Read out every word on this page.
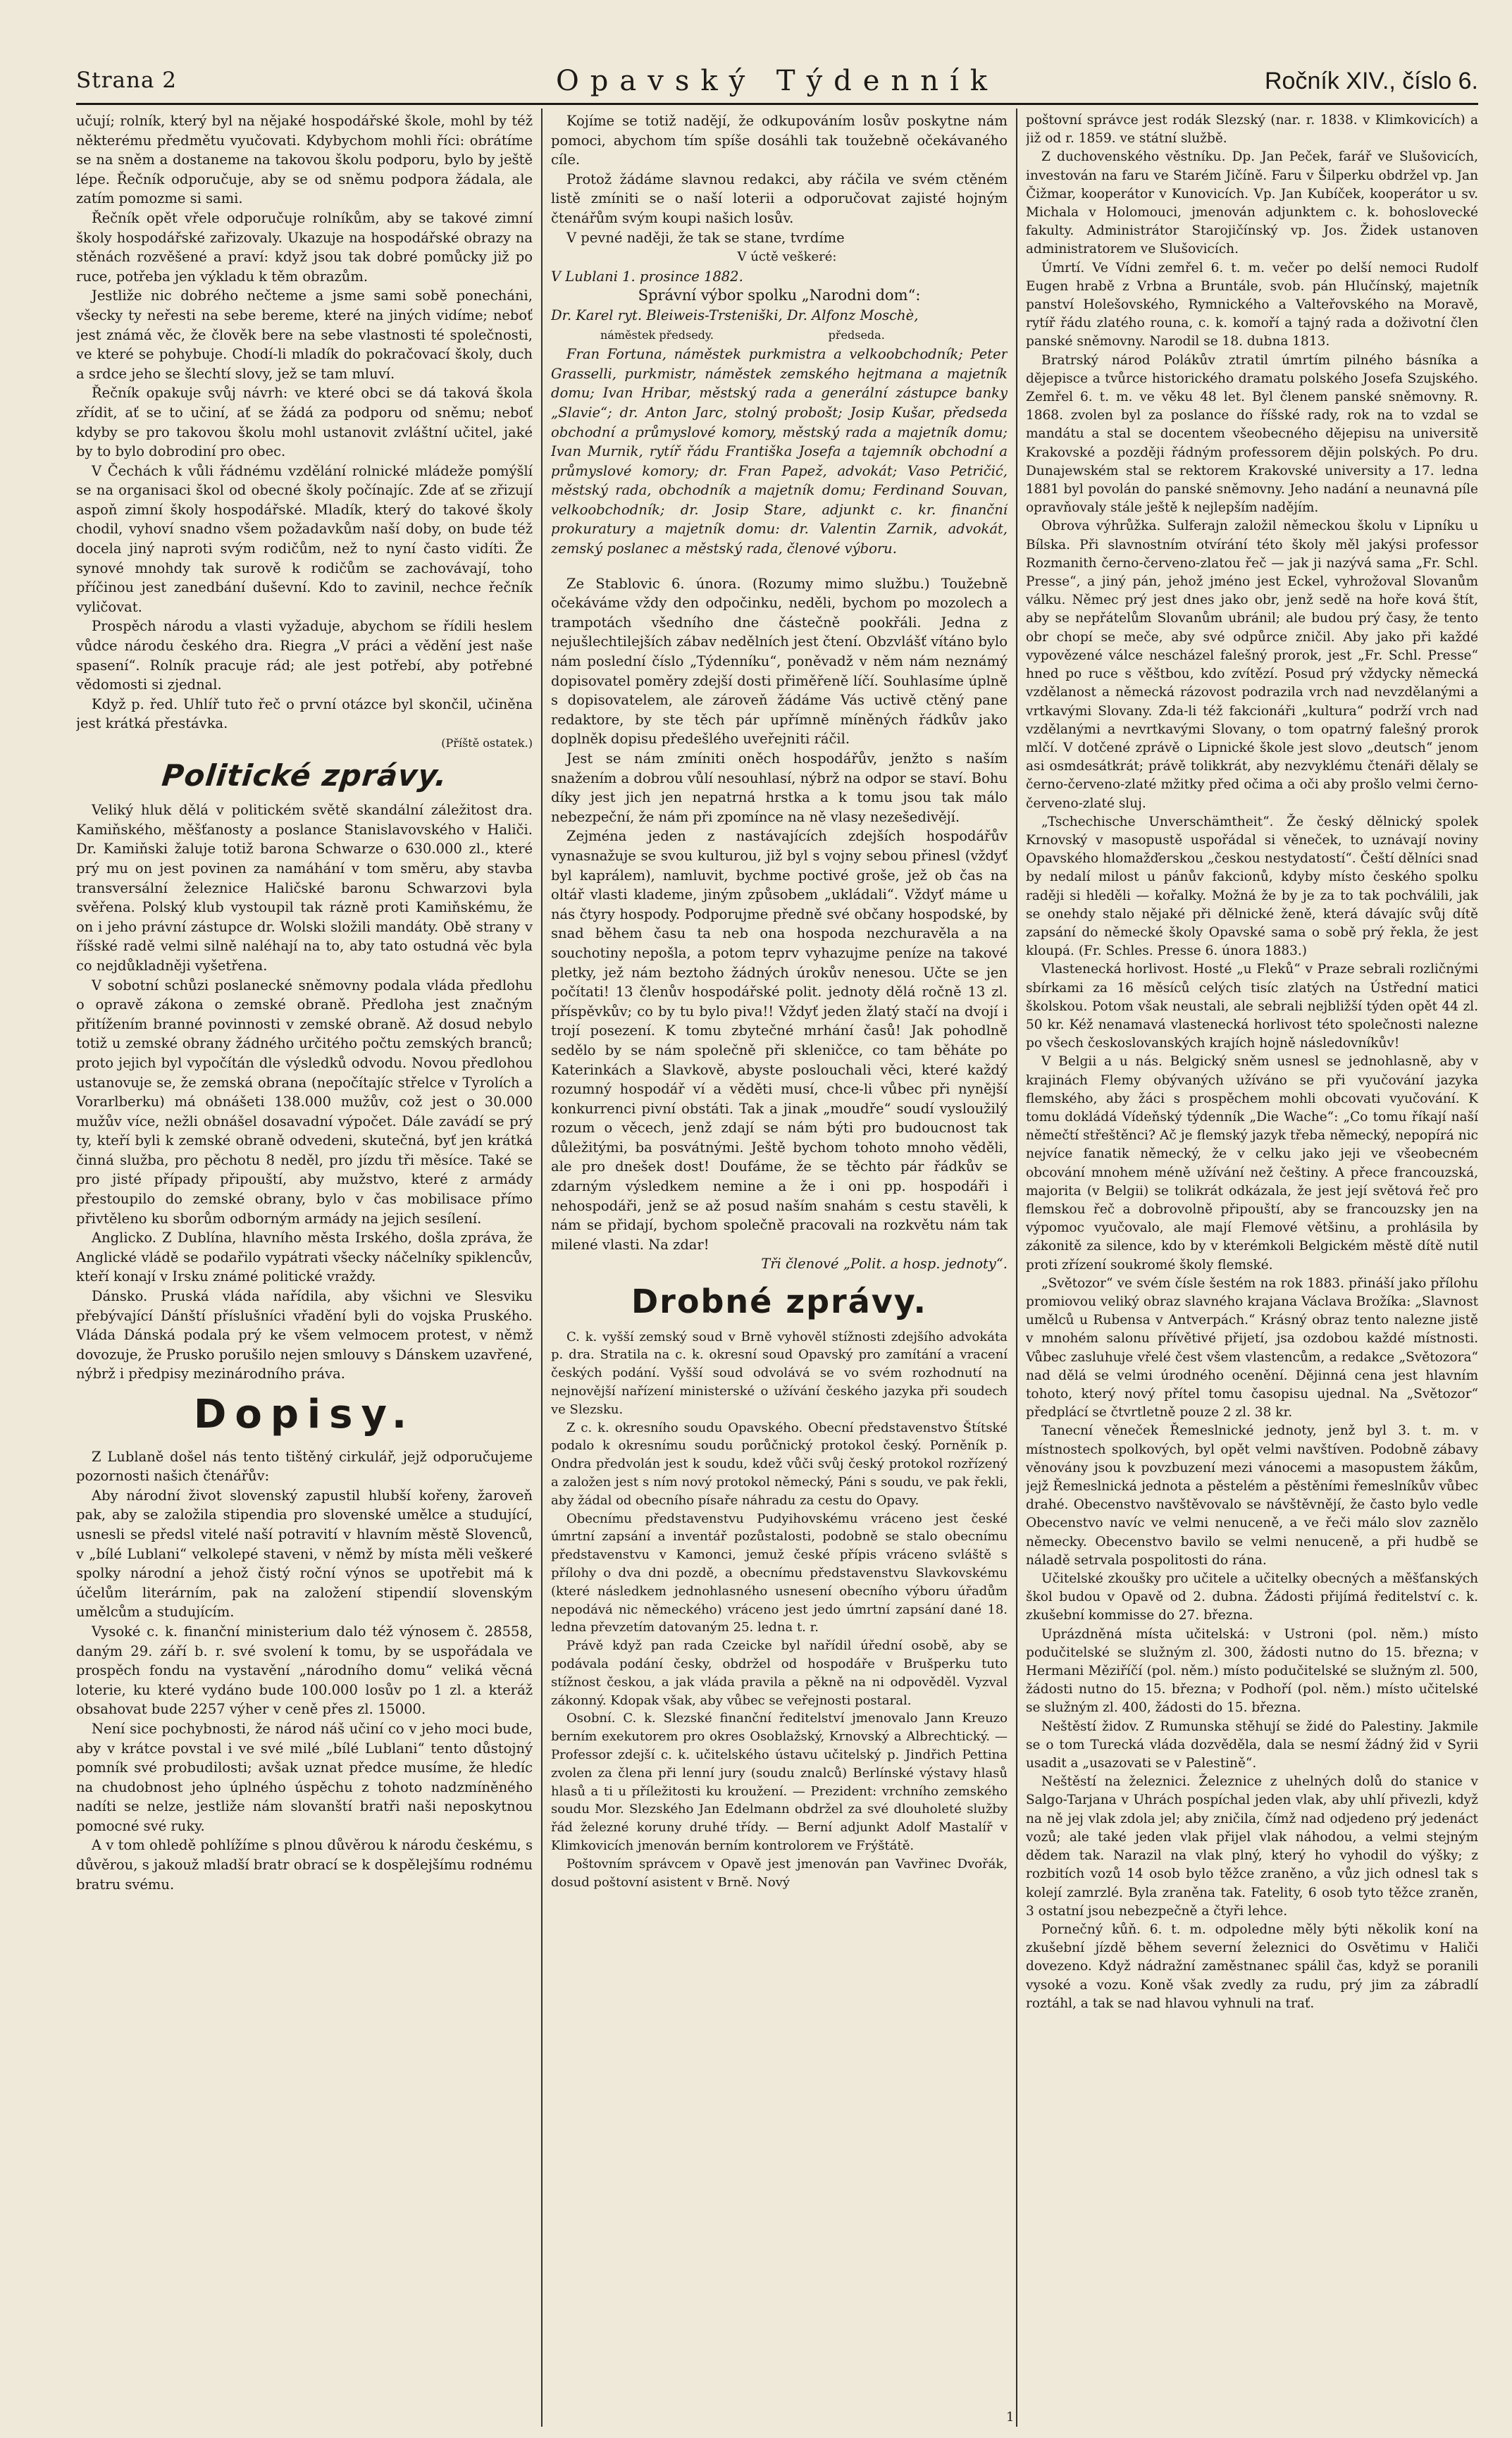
Strana 2	Opavský Týdenník	Ročník XIV., číslo 6.

učují; rolník, který byl na nějaké hospodářské škole, mohl by též některému předmětu vyučovati. Kdybychom mohli říci: obrátíme se na sněm a dostaneme na takovou školu podporu, bylo by ještě lépe. Řečník odporučuje, aby se od sněmu podpora žádala, ale zatím pomozme si sami.

Řečník opět vřele odporučuje rolníkům, aby se takové zimní školy hospodářské zařizovaly. Ukazuje na hospodářské obrazy na stěnách rozvěšené a praví: když jsou tak dobré pomůcky již po ruce, potřeba jen výkladu k těm obrazům.

Jestliže nic dobrého nečteme a jsme sami sobě ponecháni, všecky ty neřesti na sebe bereme, které na jiných vidíme; neboť jest známá věc, že člověk bere na sebe vlastnosti té společnosti, ve které se pohybuje. Chodí-li mladík do pokračovací školy, duch a srdce jeho se šlechtí slovy, jež se tam mluví.

Řečník opakuje svůj návrh: ve které obci se dá taková škola zřídit, ať se to učiní, ať se žádá za podporu od sněmu; neboť kdyby se pro takovou školu mohl ustanovit zvláštní učitel, jaké by to bylo dobrodiní pro obec.

V Čechách k vůli řádnému vzdělání rolnické mládeže pomýšlí se na organisaci škol od obecné školy počínajíc. Zde ať se zřizují aspoň zimní školy hospodářské. Mladík, který do takové školy chodil, vyhoví snadno všem požadavkům naší doby, on bude též docela jiný naproti svým rodičům, než to nyní často vidíti. Že synové mnohdy tak surově k rodičům se zachovávají, toho příčinou jest zanedbání duševní. Kdo to zavinil, nechce řečník vyličovat.

Prospěch národu a vlasti vyžaduje, abychom se řídili heslem vůdce národu českého dra. Riegra „V práci a vědění jest naše spasení“. Rolník pracuje rád; ale jest potřebí, aby potřebné vědomosti si zjednal.

Když p. řed. Uhlíř tuto řeč o první otázce byl skončil, učiněna jest krátká přestávka.

(Příště ostatek.)

Politické zprávy.

Veliký hluk dělá v politickém světě skandální záležitost dra. Kamiňského, měšťanosty a poslance Stanislavovského v Haliči. Dr. Kamiňski žaluje totiž barona Schwarze o 630.000 zl., které prý mu on jest povinen za namáhání v tom směru, aby stavba transversální železnice Haličské baronu Schwarzovi byla svěřena. Polský klub vystoupil tak rázně proti Kamiňskému, že on i jeho právní zástupce dr. Wolski složili mandáty. Obě strany v říšské radě velmi silně naléhají na to, aby tato ostudná věc byla co nejdůkladněji vyšetřena.

V sobotní schůzi poslanecké sněmovny podala vláda předlohu o opravě zákona o zemské obraně. Předloha jest značným přitížením branné povinnosti v zemské obraně. Až dosud nebylo totiž u zemské obrany žádného určitého počtu zemských branců; proto jejich byl vypočítán dle výsledků odvodu. Novou předlohou ustanovuje se, že zemská obrana (nepočítajíc střelce v Tyrolích a Vorarlberku) má obnášeti 138.000 mužův, což jest o 30.000 mužův více, nežli obnášel dosavadní výpočet. Dále zavádí se prý ty, kteří byli k zemské obraně odvedeni, skutečná, byť jen krátká činná služba, pro pěchotu 8 neděl, pro jízdu tři měsíce. Také se pro jisté případy připouští, aby mužstvo, které z armády přestoupilo do zemské obrany, bylo v čas mobilisace přímo přivtěleno ku sborům odborným armády na jejich sesílení.

Anglicko. Z Dublína, hlavního města Irského, došla zpráva, že Anglické vládě se podařilo vypátrati všecky náčelníky spiklencův, kteří konají v Irsku známé politické vraždy.

Dánsko. Pruská vláda nařídila, aby všichni ve Slesviku přebývající Dánští příslušníci vřadění byli do vojska Pruského. Vláda Dánská podala prý ke všem velmocem protest, v němž dovozuje, že Prusko porušilo nejen smlouvy s Dánskem uzavřené, nýbrž i předpisy mezinárodního práva.

Dopisy.

Z Lublaně došel nás tento tištěný cirkulář, jejž odporučujeme pozornosti našich čtenářův:

Aby národní život slovenský zapustil hlubší kořeny, žaroveň pak, aby se založila stipendia pro slovenské umělce a studující, usnesli se předsl vitelé naší potravití v hlavním městě Slovenců, v „bílé Lublani“ velkolepé staveni, v němž by místa měli veškeré spolky národní a jehož čistý roční výnos se upotřebit má k účelům literárním, pak na založení stipendií slovenským umělcům a studujícím.

Vysoké c. k. finanční ministerium dalo též výnosem č. 28558, daným 29. září b. r. své svolení k tomu, by se uspořádala ve prospěch fondu na vystavění „národního domu“ veliká věcná loterie, ku které vydáno bude 100.000 losův po 1 zl. a kteráž obsahovat bude 2257 výher v ceně přes zl. 15000.

Není sice pochybnosti, že národ náš učiní co v jeho moci bude, aby v krátce povstal i ve své milé „bílé Lublani“ tento důstojný pomník své probudilosti; avšak uznat předce musíme, že hledíc na chudobnost jeho úplného úspěchu z tohoto nadzmíněného nadíti se nelze, jestliže nám slovanští bratři naši neposkytnou pomocné své ruky.

A v tom ohledě pohlížíme s plnou důvěrou k národu českému, s důvěrou, s jakouž mladší bratr obrací se k dospělejšímu rodnému bratru svému.

Kojíme se totiž nadějí, že odkupováním losův poskytne nám pomoci, abychom tím spíše dosáhli tak toužebně očekávaného cíle.

Protož žádáme slavnou redakci, aby ráčila ve svém ctěném listě zmíniti se o naší loterii a odporučovat zajisté hojným čtenářům svým koupi našich losův.

V pevné naději, že tak se stane, tvrdíme

V úctě veškeré:

V Lublani 1. prosince 1882.

Správní výbor spolku „Narodni dom“:

Dr. Karel ryt. Bleiweis-Trsteniški, Dr. Alfonz Moschè,

náměstek předsedy.                                předseda.

Fran Fortuna, náměstek purkmistra a velkoobchodník; Peter Grasselli, purkmistr, náměstek zemského hejtmana a majetník domu; Ivan Hribar, městský rada a generální zástupce banky „Slavie“; dr. Anton Jarc, stolný probošt; Josip Kušar, předseda obchodní a průmyslové komory, městský rada a majetník domu; Ivan Murnik, rytíř řádu Františka Josefa a tajemník obchodní a průmyslové komory; dr. Fran Papež, advokát; Vaso Petričić, městský rada, obchodník a majetník domu; Ferdinand Souvan, velkoobchodník; dr. Josip Stare, adjunkt c. kr. finanční prokuratury a majetník domu: dr. Valentin Zarnik, advokát, zemský poslanec a městský rada, členové výboru.

Ze Stablovic 6. února. (Rozumy mimo službu.) Toužebně očekáváme vždy den odpočinku, neděli, bychom po mozolech a trampotách všedního dne částečně pookřáli. Jedna z nejušlechtilejších zábav nedělních jest čtení. Obzvlášť vítáno bylo nám poslední číslo „Týdenníku“, poněvadž v něm nám neznámý dopisovatel poměry zdejší dosti přiměřeně líčí. Souhlasíme úplně s dopisovatelem, ale zároveň žádáme Vás uctivě ctěný pane redaktore, by ste těch pár upřímně míněných řádkův jako doplněk dopisu předešlého uveřejniti ráčil.

Jest se nám zmíniti oněch hospodářův, jenžto s naším snažením a dobrou vůlí nesouhlasí, nýbrž na odpor se staví. Bohu díky jest jich jen nepatrná hrstka a k tomu jsou tak málo nebezpeční, že nám při zpomínce na ně vlasy nezešedivějí.

Zejména jeden z nastávajících zdejších hospodářův vynasnažuje se svou kulturou, již byl s vojny sebou přinesl (vždyť byl kaprálem), namluvit, bychme poctivé groše, jež ob čas na oltář vlasti klademe, jiným způsobem „ukládali“. Vždyť máme u nás čtyry hospody. Podporujme předně své občany hospodské, by snad během času ta neb ona hospoda nezchuravěla a na souchotiny nepošla, a potom teprv vyhazujme peníze na takové pletky, jež nám beztoho žádných úrokův nenesou. Učte se jen počítati! 13 členův hospodářské polit. jednoty dělá ročně 13 zl. příspěvkův; co by tu bylo piva!! Vždyť jeden žlatý stačí na dvojí i trojí posezení. K tomu zbytečné mrhání časů! Jak pohodlně sedělo by se nám společně při skleničce, co tam běháte po Katerinkách a Slavkově, abyste poslouchali věci, které každý rozumný hospodář ví a věděti musí, chce-li vůbec při nynější konkurrenci pivní obstáti. Tak a jinak „moudře“ soudí vysloužilý rozum o věcech, jenž zdají se nám býti pro budoucnost tak důležitými, ba posvátnými. Ještě bychom tohoto mnoho věděli, ale pro dnešek dost! Doufáme, že se těchto pár řádkův se zdarným výsledkem nemine a že i oni pp. hospodáři i nehospodáři, jenž se až posud naším snahám s cestu stavěli, k nám se přidají, bychom společně pracovali na rozkvětu nám tak milené vlasti. Na zdar!

Tři členové „Polit. a hosp. jednoty“.

Drobné zprávy.

C. k. vyšší zemský soud v Brně vyhověl stížnosti zdejšího advokáta p. dra. Stratila na c. k. okresní soud Opavský pro zamítání a vracení českých podání. Vyšší soud odvolává se vo svém rozhodnutí na nejnovější nařízení ministerské o užívání českého jazyka při soudech ve Slezsku.

Z c. k. okresního soudu Opavského. Obecní představenstvo Štítské podalo k okresnímu soudu porůčnický protokol český. Porněník p. Ondra předvolán jest k soudu, kdež vůči svůj český protokol rozřízený a založen jest s ním nový protokol německý, Páni s soudu, ve pak řekli, aby žádal od obecního písaře náhradu za cestu do Opavy.

Obecnímu představenstvu Pudyihovskému vráceno jest české úmrtní zapsání a inventář pozůstalosti, podobně se stalo obecnímu představenstvu v Kamonci, jemuž české přípis vráceno svláště s přílohy o dva dni pozdě, a obecnímu představenstvu Slavkovskému (které následkem jednohlasného usnesení obecního výboru úřadům nepodává nic německého) vráceno jest jedo úmrtní zapsání dané 18. ledna převzetím datovaným 25. ledna t. r.

Právě když pan rada Czeicke byl nařídil úřední osobě, aby se podávala podání česky, obdržel od hospodáře v Brušperku tuto stížnost českou, a jak vláda pravila a pěkně na ni odpověděl. Vyzval zákonný. Kdopak však, aby vůbec se veřejnosti postaral.

Osobní. C. k. Slezské finanční ředitelství jmenovalo Jann Kreuzo berním exekutorem pro okres Osoblažský, Krnovský a Albrechtický. — Professor zdejší c. k. učitelského ústavu učitelský p. Jindřich Pettina zvolen za člena při lenní jury (soudu znalců) Berlínské výstavy hlasů hlasů a ti u příležitosti ku kroužení. — Prezident: vrchního zemského soudu Mor. Slezského Jan Edelmann obdržel za své dlouholeté služby řád železné koruny druhé třídy. — Berní adjunkt Adolf Mastalíř v Klimkovicích jmenován berním kontrolorem ve Frýštátě.

Poštovním správcem v Opavě jest jmenován pan Vavřinec Dvořák, dosud poštovní asistent v Brně. Nový

poštovní správce jest rodák Slezský (nar. r. 1838. v Klimkovicích) a již od r. 1859. ve státní službě.

Z duchovenského věstníku. Dp. Jan Peček, farář ve Slušovicích, investován na faru ve Starém Jičíně. Faru v Šilperku obdržel vp. Jan Čižmar, kooperátor v Kunovicích. Vp. Jan Kubíček, kooperátor u sv. Michala v Holomouci, jmenován adjunktem c. k. bohoslovecké fakulty. Administrátor Starojičínský vp. Jos. Židek ustanoven administratorem ve Slušovicích.

Úmrtí. Ve Vídni zemřel 6. t. m. večer po delší nemoci Rudolf Eugen hrabě z Vrbna a Bruntále, svob. pán Hlučínský, majetník panství Holešovského, Rymnického a Valteřovského na Moravě, rytíř řádu zlatého rouna, c. k. komoří a tajný rada a doživotní člen panské sněmovny. Narodil se 18. dubna 1813.

Bratrský národ Polákův ztratil úmrtím pilného básníka a dějepisce a tvůrce historického dramatu polského Josefa Szujského. Zemřel 6. t. m. ve věku 48 let. Byl členem panské sněmovny. R. 1868. zvolen byl za poslance do říšské rady, rok na to vzdal se mandátu a stal se docentem všeobecného dějepisu na universitě Krakovské a později řádným professorem dějin polských. Po dru. Dunajewském stal se rektorem Krakovské university a 17. ledna 1881 byl povolán do panské sněmovny. Jeho nadání a neunavná píle opravňovaly stále ještě k nejlepším nadějím.

Obrova výhrůžka. Sulferajn založil německou školu v Lipníku u Bílska. Při slavnostním otvírání této školy měl jakýsi professor Rozmanith černo-červeno-zlatou řeč — jak ji nazývá sama „Fr. Schl. Presse“, a jiný pán, jehož jméno jest Eckel, vyhrožoval Slovanům válku. Němec prý jest dnes jako obr, jenž sedě na hoře ková štít, aby se nepřátelům Slovanům ubránil; ale budou prý časy, že tento obr chopí se meče, aby své odpůrce zničil. Aby jako při každé vypovězené válce nescházel falešný prorok, jest „Fr. Schl. Presse“ hned po ruce s věštbou, kdo zvítězí. Posud prý vždycky německá vzdělanost a německá rázovost podrazila vrch nad nevzdělanými a vrtkavými Slovany. Zda-li též fakcionáři „kultura“ podrží vrch nad vzdělanými a nevrtkavými Slovany, o tom opatrný falešný prorok mlčí. V dotčené zprávě o Lipnické škole jest slovo „deutsch“ jenom asi osmdesátkrát; právě tolikkrát, aby nezvyklému čtenáři dělaly se černo-červeno-zlaté mžitky před očima a oči aby prošlo velmi černo-červeno-zlaté sluj.

„Tschechische Unverschämtheit“. Že český dělnický spolek Krnovský v masopustě uspořádal si věneček, to uznávají noviny Opavského hlomažďerskou „českou nestydatostí“. Čeští dělníci snad by nedalí milost u pánův fakcionů, kdyby místo českého spolku raději si hleděli — kořalky. Možná že by je za to tak pochválili, jak se onehdy stalo nějaké při dělnické ženě, která dávajíc svůj dítě zapsání do německé školy Opavské sama o sobě prý řekla, že jest kloupá. (Fr. Schles. Presse 6. února 1883.)

Vlastenecká horlivost. Hosté „u Fleků“ v Praze sebrali rozličnými sbírkami za 16 měsíců celých tisíc zlatých na Ústřední matici školskou. Potom však neustali, ale sebrali nejbližší týden opět 44 zl. 50 kr. Kéž nenamavá vlastenecká horlivost této společnosti nalezne po všech českoslovanských krajích hojně následovníkův!

V Belgii a u nás. Belgický sněm usnesl se jednohlasně, aby v krajinách Flemy obývaných užíváno se při vyučování jazyka flemského, aby žáci s prospěchem mohli obcovati vyučování. K tomu dokládá Vídeňský týdenník „Die Wache“: „Co tomu říkají naší němečtí střeštěnci? Ač je flemský jazyk třeba německý, nepopírá nic nejvíce fanatik německý, že v celku jako jeji ve všeobecném obcování mnohem méně užívání než češtiny. A přece francouzská, majorita (v Belgii) se tolikrát odkázala, že jest její světová řeč pro flemskou řeč a dobrovolně připouští, aby se francouzsky jen na výpomoc vyučovalo, ale mají Flemové většinu, a prohlásila by zákonitě za silence, kdo by v kterémkoli Belgickém městě dítě nutil proti zřízení soukromé školy flemské.

„Světozor“ ve svém čísle šestém na rok 1883. přináší jako přílohu promiovou veliký obraz slavného krajana Václava Brožíka: „Slavnost umělců u Rubensa v Antverpách.“ Krásný obraz tento nalezne jistě v mnohém salonu přívětivé přijetí, jsa ozdobou každé místnosti. Vůbec zasluhuje vřelé čest všem vlastencům, a redakce „Světozora“ nad dělá se velmi úrodného ocenění. Dějinná cena jest hlavním tohoto, který nový přítel tomu časopisu ujednal. Na „Světozor“ předplácí se čtvrtletně pouze 2 zl. 38 kr.

Tanecní věneček Řemeslnické jednoty, jenž byl 3. t. m. v místnostech spolkových, byl opět velmi navštíven. Podobně zábavy věnovány jsou k povzbuzení mezi vánocemi a masopustem žákům, jejž Řemeslnická jednota a pěstelém a pěstěními řemeslníkův vůbec drahé. Obecenstvo navštěvovalo se návštěvnějí, že často bylo vedle Obecenstvo navíc ve velmi nenuceně, a ve řeči málo slov zaznělo německy. Obecenstvo bavilo se velmi nenuceně, a při hudbě se náladě setrvala pospolitosti do rána.

Učitelské zkoušky pro učitele a učitelky obecných a měšťanských škol budou v Opavě od 2. dubna. Žádosti přijímá ředitelství c. k. zkušební kommisse do 27. března.

Uprázdněná místa učitelská: v Ustroni (pol. něm.) místo podučitelské se služným zl. 300, žádosti nutno do 15. března; v Hermani Měziříčí (pol. něm.) místo podučitelské se služným zl. 500, žádosti nutno do 15. března; v Podhoří (pol. něm.) místo učitelské se služným zl. 400, žádosti do 15. března.

Neštěstí židov. Z Rumunska stěhují se židé do Palestiny. Jakmile se o tom Turecká vláda dozvěděla, dala se nesmí žádný žid v Syrii usadit a „usazovati se v Palestině“.

Neštěstí na železnici. Železnice z uhelných dolů do stanice v Salgo-Tarjana v Uhrách pospíchal jeden vlak, aby uhlí přivezli, když na ně jej vlak zdola jel; aby zničila, čímž nad odjedeno prý jedenáct vozů; ale také jeden vlak přijel vlak náhodou, a velmi stejným dědem tak. Narazil na vlak plný, který ho vyhodil do výšky; z rozbitích vozů 14 osob bylo těžce zraněno, a vůz jich odnesl tak s kolejí zamrzlé. Byla zraněna tak. Fatelity, 6 osob tyto těžce zraněn, 3 ostatní jsou nebezpečně a čtyři lehce.

Pornečný kůň. 6. t. m. odpoledne měly býti několik koní na zkušební jízdě během severní železnici do Osvětimu v Haliči dovezeno. Když nádražní zaměstnanec spálil čas, když se poranili vysoké a vozu. Koně však zvedly za rudu, prý jim za zábradlí roztáhl, a tak se nad hlavou vyhnuli na trať.

1
